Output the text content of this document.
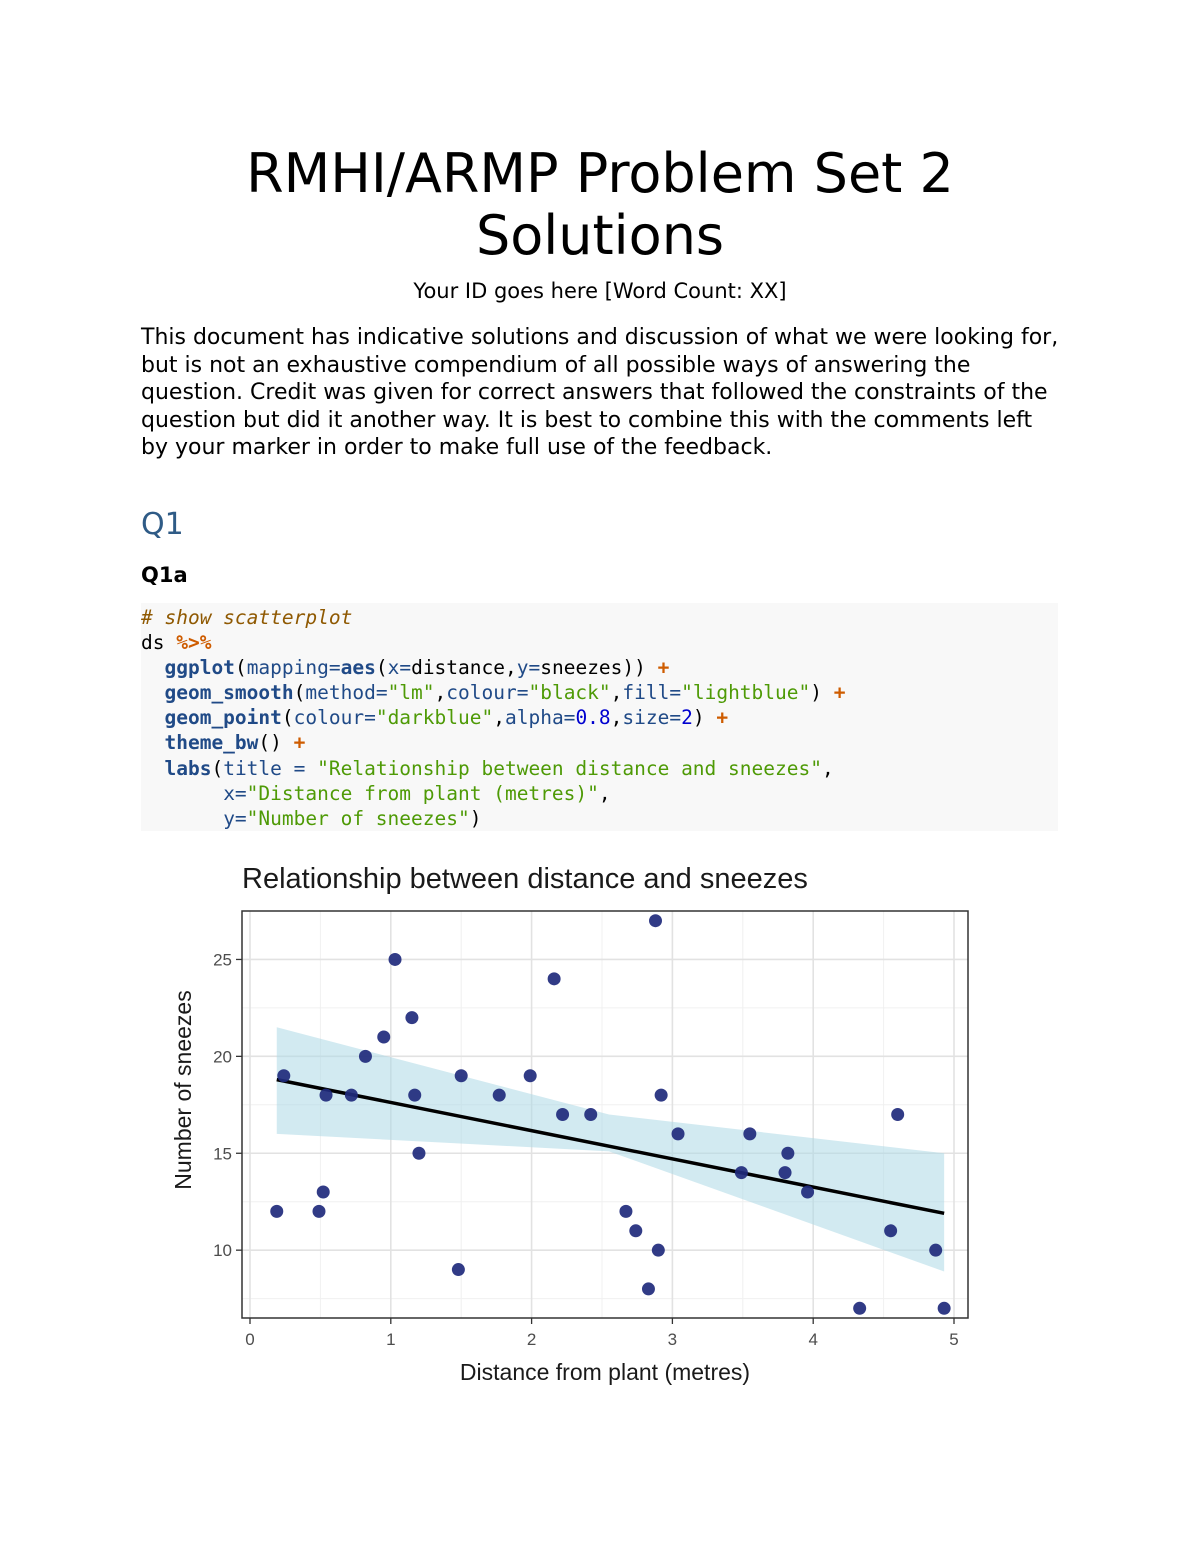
RMHI/ARMP Problem Set 2
Solutions
Your ID goes here [Word Count: XX]

This document has indicative solutions and discussion of what we were looking for, but is not an exhaustive compendium of all possible ways of answering the question. Credit was given for correct answers that followed the constraints of the question but did it another way. It is best to combine this with the comments left by your marker in order to make full use of the feedback.

Q1
Q1a
# show scatterplot
ds %>%
ggplot(mapping=aes(x=distance,y=sneezes)) +
geom_smooth(method="lm",colour="black",fill="lightblue") +
geom_point(colour="darkblue",alpha=0.8,size=2) +
theme_bw() +
labs(title = "Relationship between distance and sneezes",
x="Distance from plant (metres)",
y="Number of sneezes")
Relationship between distance and sneezes
0	1	2	3	4	5
10
15
20
25
Distance from plant (metres)
Number of sneezes
